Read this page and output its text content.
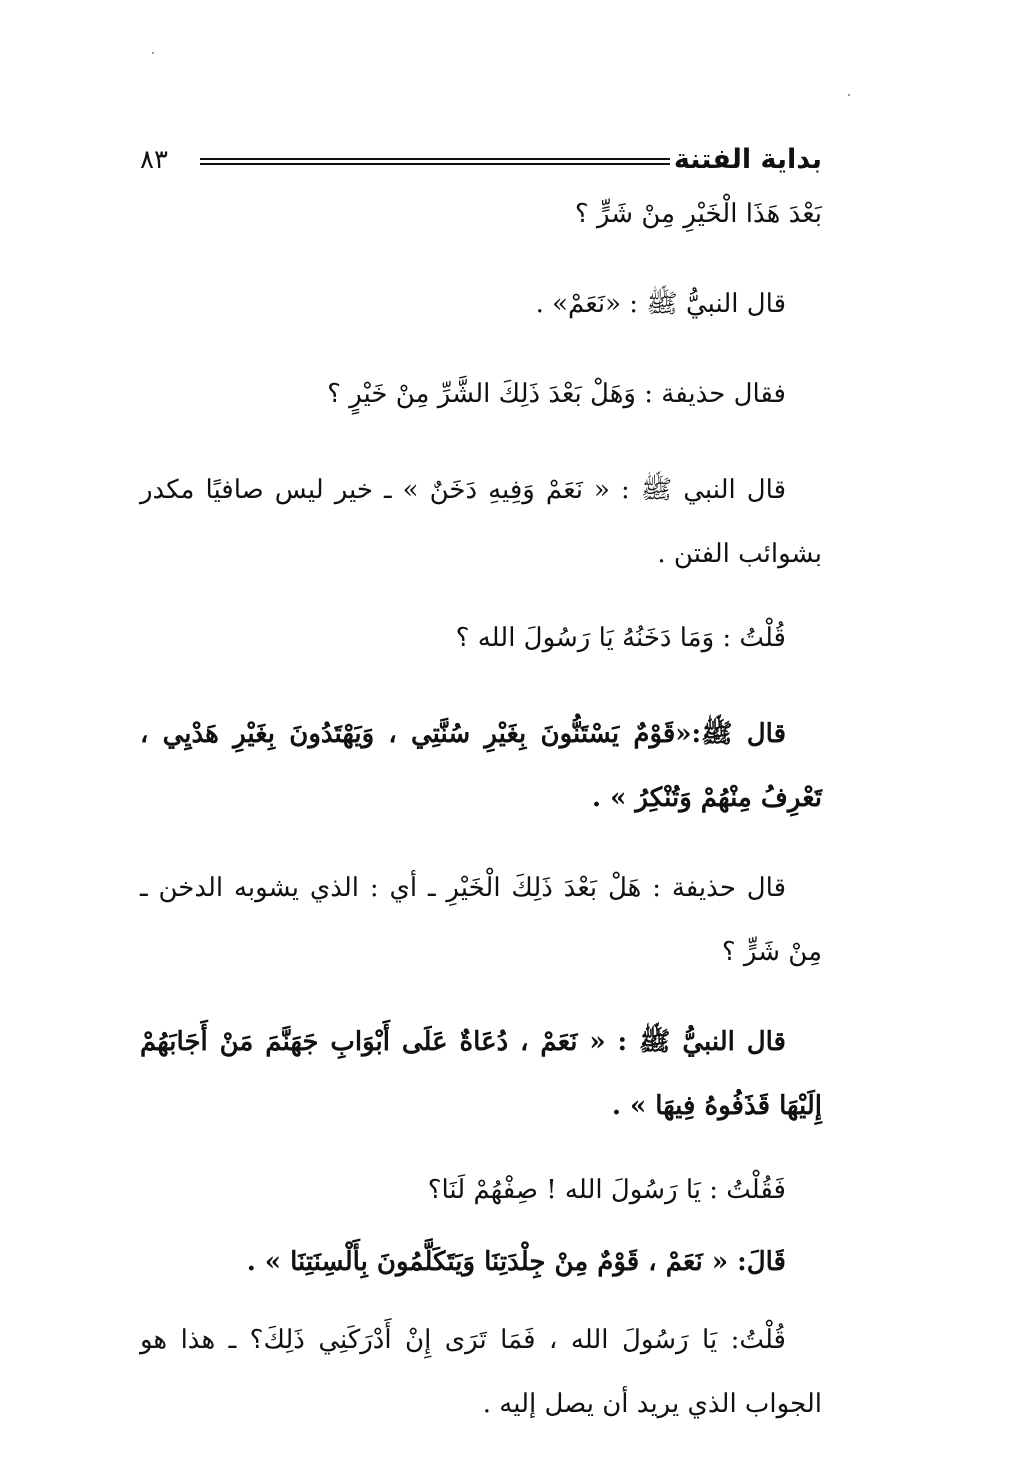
بداية الفتنة
٨٣

بَعْدَ هَذَا الْخَيْرِ مِنْ شَرٍّ ؟

قال النبيُّ ﷺ : «نَعَمْ» .

فقال حذيفة : وَهَلْ بَعْدَ ذَلِكَ الشَّرِّ مِنْ خَيْرٍ ؟

قال النبي ﷺ : « نَعَمْ وَفِيهِ دَخَنٌ » ـ خير ليس صافيًا مكدر بشوائب الفتن .

قُلْتُ : وَمَا دَخَنُهُ يَا رَسُولَ الله ؟

قال ﷺ:«قَوْمٌ يَسْتَنُّونَ بِغَيْرِ سُنَّتِي ، وَيَهْتَدُونَ بِغَيْرِ هَدْيِي ، تَعْرِفُ مِنْهُمْ وَتُنْكِرُ » .

قال حذيفة : هَلْ بَعْدَ ذَلِكَ الْخَيْرِ ـ أي : الذي يشوبه الدخن ـ مِنْ شَرٍّ ؟

قال النبيُّ ﷺ : « نَعَمْ ، دُعَاةٌ عَلَى أَبْوَابِ جَهَنَّمَ مَنْ أَجَابَهُمْ إِلَيْهَا قَذَفُوهُ فِيهَا » .

فَقُلْتُ : يَا رَسُولَ الله ! صِفْهُمْ لَنَا؟

قَالَ: « نَعَمْ ، قَوْمٌ مِنْ جِلْدَتِنَا وَيَتَكَلَّمُونَ بِأَلْسِنَتِنَا » .

قُلْتُ: يَا رَسُولَ الله ، فَمَا تَرَى إِنْ أَدْرَكَنِي ذَلِكَ؟ ـ هذا هو الجواب الذي يريد أن يصل إليه .
